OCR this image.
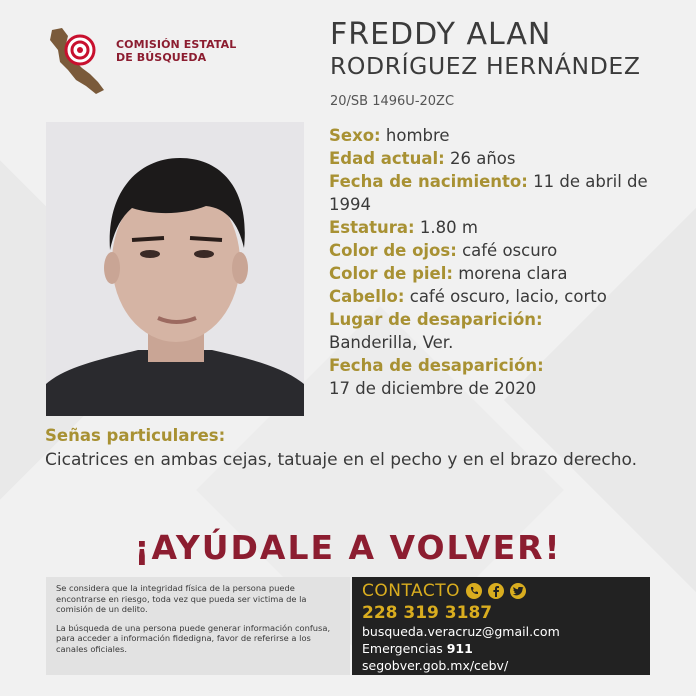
COMISIÓN ESTATAL
DE BÚSQUEDA
FREDDY ALAN
RODRÍGUEZ HERNÁNDEZ
20/SB 1496U-20ZC

Sexo: hombre

Edad actual: 26 años

Fecha de nacimiento: 11 de abril de 1994

Estatura: 1.80 m

Color de ojos: café oscuro

Color de piel: morena clara

Cabello: café oscuro, lacio, corto

Lugar de desaparición:
Banderilla, Ver.

Fecha de desaparición:
17 de diciembre de 2020

Señas particulares:
Cicatrices en ambas cejas, tatuaje en el pecho y en el brazo derecho.
¡AYÚDALE A VOLVER!

Se considera que la integridad física de la persona puede encontrarse en riesgo, toda vez que pueda ser victima de la comisión de un delito.

La búsqueda de una persona puede generar información confusa, para acceder a información fidedigna, favor de referirse a los canales oficiales.

CONTACTO
228 319 3187
busqueda.veracruz@gmail.com
Emergencias 911
segobver.gob.mx/cebv/
